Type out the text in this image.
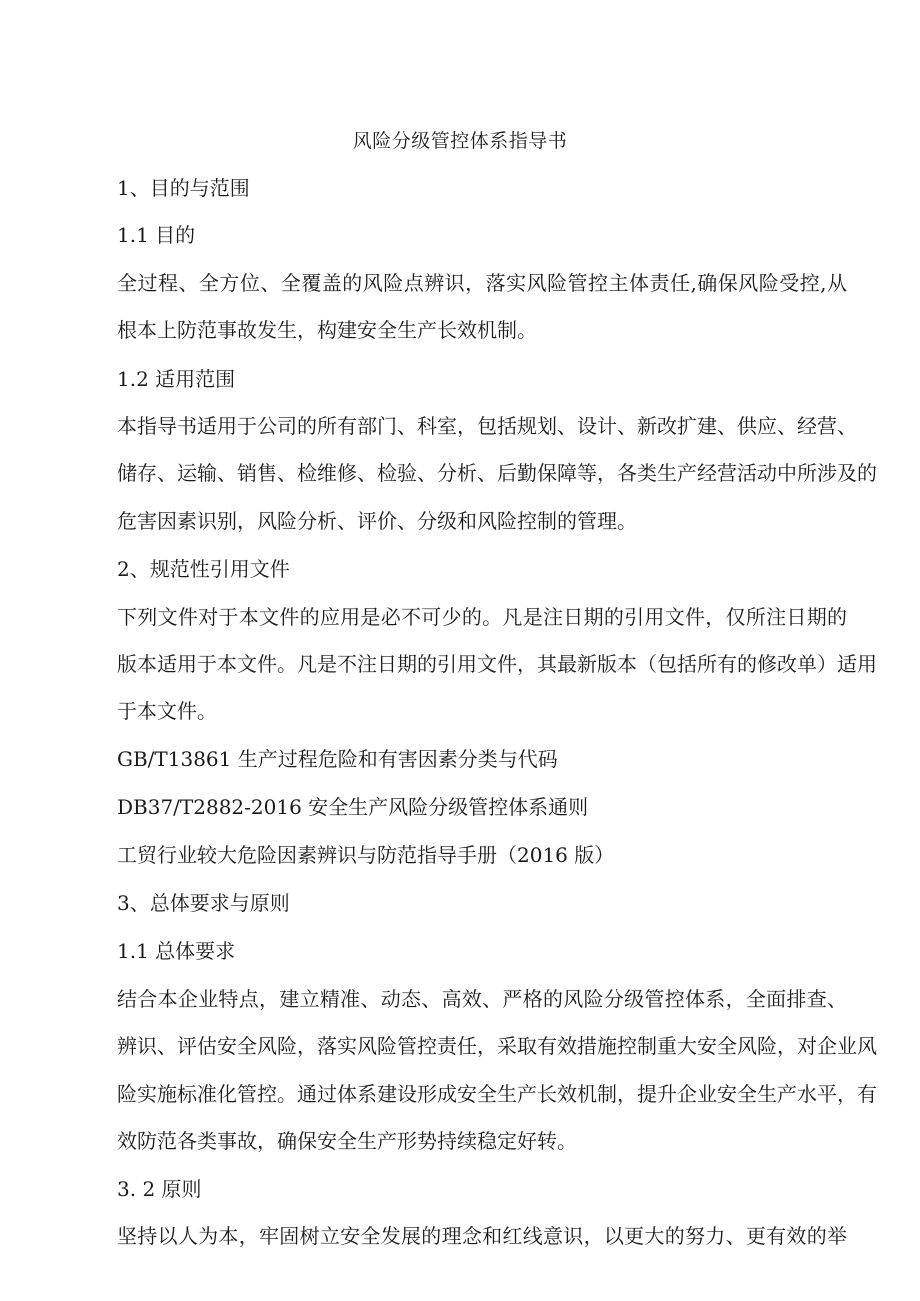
风险分级管控体系指导书
1、目的与范围
1.1 目的
全过程、全方位、全覆盖的风险点辨识，落实风险管控主体责任,确保风险受控,从
根本上防范事故发生，构建安全生产长效机制。
1.2 适用范围
本指导书适用于公司的所有部门、科室，包括规划、设计、新改扩建、供应、经营、
储存、运输、销售、检维修、检验、分析、后勤保障等，各类生产经营活动中所涉及的
危害因素识别，风险分析、评价、分级和风险控制的管理。
2、规范性引用文件
下列文件对于本文件的应用是必不可少的。凡是注日期的引用文件，仅所注日期的
版本适用于本文件。凡是不注日期的引用文件，其最新版本（包括所有的修改单）适用
于本文件。
GB/T13861 生产过程危险和有害因素分类与代码
DB37/T2882-2016 安全生产风险分级管控体系通则
工贸行业较大危险因素辨识与防范指导手册（2016 版）
3、总体要求与原则
1.1 总体要求
结合本企业特点，建立精准、动态、高效、严格的风险分级管控体系，全面排查、
辨识、评估安全风险，落实风险管控责任，采取有效措施控制重大安全风险，对企业风
险实施标准化管控。通过体系建设形成安全生产长效机制，提升企业安全生产水平，有
效防范各类事故，确保安全生产形势持续稳定好转。
3. 2 原则
坚持以人为本，牢固树立安全发展的理念和红线意识，以更大的努力、更有效的举
